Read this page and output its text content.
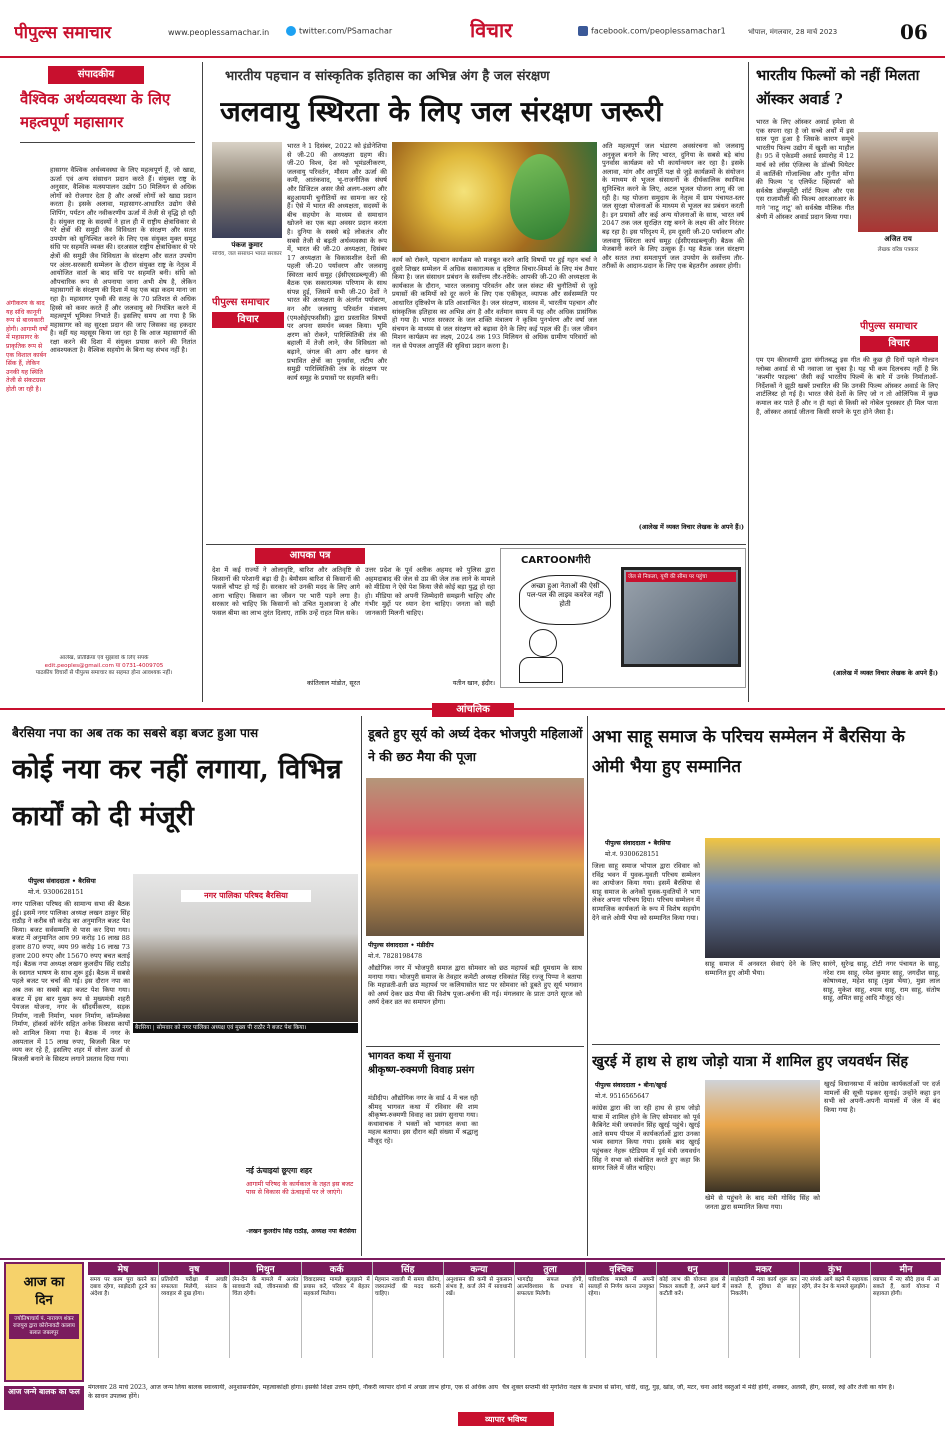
पीपुल्स समाचार	www.peoplessamachar.in	twitter.com/PSamachar	विचार	facebook.com/peoplessamachar1	भोपाल, मंगलवार, 28 मार्च 2023	06
संपादकीय
वैश्विक अर्थव्यवस्था के लिए महत्वपूर्ण महासागर
हासागर वैश्विक अर्थव्यवस्था के लिए महत्वपूर्ण हैं, जो खाद्य, ऊर्जा एवं अन्य संसाधन प्रदान करते हैं। संयुक्त राष्ट्र के अनुसार, वैश्विक मत्स्यपालन उद्योग 50 मिलियन से अधिक लोगों को रोजगार देता है और अरबों लोगों को खाद्य प्रदान करता है। इसके अलावा, महासागर-आधारित उद्योग जैसे शिपिंग, पर्यटन और नवीकरणीय ऊर्जा में तेजी से वृद्धि हो रही है। संयुक्त राष्ट्र के सदस्यों ने हाल ही में राष्ट्रीय क्षेत्राधिकार से परे क्षेत्रों की समुद्री जैव विविधता के संरक्षण और सतत उपयोग को सुनिश्चित करने के लिए एक संयुक्त मुक्त समुद्र संधि पर सहमति व्यक्त की। दरअसल राष्ट्रीय क्षेत्राधिकार से परे क्षेत्रों की समुद्री जैव विविधता के संरक्षण और सतत उपयोग पर अंतर-सरकारी सम्मेलन के दौरान संयुक्त राष्ट्र के नेतृत्व में आयोजित वार्ता के बाद संधि पर सहमति बनी। संधि को औपचारिक रूप से अपनाया जाना अभी शेष है, लेकिन महासागरों के संरक्षण की दिशा में यह एक बड़ा कदम माना जा रहा है। महासागर पृथ्वी की सतह के 70 प्रतिशत से अधिक हिस्से को कवर करते हैं और जलवायु को नियंत्रित करने में महत्वपूर्ण भूमिका निभाते हैं। इसलिए समय आ गया है कि महासागर को वह सुरक्षा प्रदान की जाए जिसका वह हकदार है। वहीं यह महसूस किया जा रहा है कि आज महासागरों की रक्षा करने की दिशा में संयुक्त प्रयास करने की नितांत आवश्यकता है। वैश्विक सहयोग के बिना यह संभव नहीं है।
अंगीकरण के बाद यह संधि कानूनी रूप से बाध्यकारी होगी। आगामी वर्षों में महासागर के प्राकृतिक रूप से एक विशाल कार्बन सिंक हैं, लेकिन उनकी यह स्थिति तेजी से संकटग्रस्त होती जा रही है।
आलेख, प्रतिक्रिया एवं सुझावों के लिए संपर्क
edit.peoples@gmail.com या 0731-4009705
पाठकीय विचारों से पीपुल्स समाचार का सहमत होना आवश्यक नहीं।
भारतीय पहचान व सांस्कृतिक इतिहास का अभिन्न अंग है जल संरक्षण
जलवायु स्थिरता के लिए जल संरक्षण जरूरी
पंकज कुमार
सचिव, जल संसाधन भारत सरकार
पीपुल्स समाचार
विचार
भारत ने 1 दिसंबर, 2022 को इंडोनेशिया से जी-20 की अध्यक्षता ग्रहण की। जी-20 विश्व, देश को भूमंडलीकरण, जलवायु परिवर्तन, मौसम और ऊर्जा की कमी, आतंकवाद, भू-राजनीतिक संघर्ष और डिजिटल असर जैसे अलग-अलग और बहुआयामी चुनौतियों का सामना कर रहे हैं। ऐसे में भारत की अध्यक्षता, सदस्यों के बीच सहयोग के माध्यम से समाधान खोजने का एक बड़ा अवसर प्रदान करता है। दुनिया के सबसे बड़े लोकतंत्र और सबसे तेजी से बढ़ती अर्थव्यवस्था के रूप में, भारत की जी-20 अध्यक्षता, दिसंबर 17 अध्यक्षता के विकासशील देशों की
पहली जी-20 पर्यावरण और जलवायु स्थिरता कार्य समूह (ईसीएसडब्ल्यूजी) की बैठक एक सकारात्मक परिणाम के साथ संपन्न हुई, जिसमें सभी जी-20 देशों ने भारत की अध्यक्षता के अंतर्गत पर्यावरण, वन और जलवायु परिवर्तन मंत्रालय (एमओईएफसीसी) द्वारा प्रस्तावित विषयों पर अपना समर्थन व्यक्त किया। भूमि क्षरण को रोकने, पारिस्थितिकी तंत्र की बहाली में तेजी लाने, जैव विविधता को बढ़ाने, जंगल की आग और खनन से प्रभावित क्षेत्रों का पुनर्वास, तटीय और समुद्री पारिस्थितिकी तंत्र के संरक्षण पर कार्य समूह के प्रयासों पर सहमति बनी।
कार्य को रोकने, पहचान कार्यक्रम को मजबूत करने आदि विषयों पर हुई गहन चर्चा ने दूसरे शिखर सम्मेलन में अधिक सकारात्मक व दृष्टिगत विचार-विमर्श के लिए मंच तैयार किया है। जल संसाधन प्रबंधन के सर्वोत्तम तौर-तरीके: आपकी जी-20 की अध्यक्षता के कार्यकाल के दौरान, भारत जलवायु परिवर्तन और जल संकट की चुनौतियों से जुड़े प्रयासों की कमियों को दूर करने के लिए एक एकीकृत, व्यापक और सर्वसम्मति पर आधारित दृष्टिकोण के प्रति आशान्वित है। जल संरक्षण, वास्तव में, भारतीय पहचान और सांस्कृतिक इतिहास का अभिन्न अंग है और वर्तमान समय में यह और अधिक प्रासंगिक हो गया है। भारत सरकार के जल शक्ति मंत्रालय ने कृत्रिम पुनर्भरण और वर्षा जल संचयन के माध्यम से जल संरक्षण को बढ़ावा देने के लिए कई पहल की हैं। जल जीवन मिशन कार्यक्रम का लक्ष्य, 2024 तक 193 मिलियन से अधिक ग्रामीण परिवारों को नल से पेयजल आपूर्ति की सुविधा प्रदान करना है।
अति महत्वपूर्ण जल भंडारण अवसंरचना को जलवायु अनुकूल बनाने के लिए भारत, दुनिया के सबसे बड़े बांध पुनर्वास कार्यक्रम को भी कार्यान्वयन कर रहा है। इसके अलावा, मांग और आपूर्ति पक्ष से जुड़े कार्यक्रमों के संयोजन के माध्यम से भूजल संसाधनों के दीर्घकालिक स्थायित्व सुनिश्चित करने के लिए, अटल भूजल योजना लागू की जा रही है। यह योजना समुदाय के नेतृत्व में ग्राम पंचायत-स्तर जल सुरक्षा योजनाओं के माध्यम से भूजल का प्रबंधन करती है। इन प्रयासों और कई अन्य योजनाओं के साथ, भारत वर्ष 2047 तक जल सुरक्षित राष्ट्र बनने के लक्ष्य की ओर निरंतर बढ़ रहा है। इस परिदृश्य में, हम दूसरी जी-20 पर्यावरण और जलवायु स्थिरता कार्य समूह (ईसीएसडब्ल्यूजी) बैठक की मेजबानी करने के लिए उत्सुक हैं। यह बैठक जल संरक्षण और सतत तथा समतापूर्ण जल उपयोग के सर्वोत्तम तौर-तरीकों के आदान-प्रदान के लिए एक बेहतरीन अवसर होगी।
(आलेख में व्यक्त विचार लेखक के अपने हैं।)
भारतीय फिल्मों को नहीं मिलता ऑस्कर अवार्ड ?
भारत के लिए ऑस्कर अवार्ड हमेशा से एक सपना रहा है जो सच्चे अर्थों में इस साल पूरा हुआ है जिसके कारण समूचे भारतीय फिल्म उद्योग में खुशी का माहौल है। 95 वें एकेडमी अवार्ड समारोह में 12 मार्च को लॉस एंजिल्स के डॉल्बी थियेटर में कार्तिकी गोंजाल्विस और गुनीत मोंगा की फिल्म 'द एलिफेंट व्हिस्पर्स' को सर्वश्रेष्ठ डॉक्यूमेंट्री शॉर्ट फिल्म और एस एस राजामौली की फिल्म आरआरआर के गाने 'नाटू नाटू' को सर्वश्रेष्ठ मौलिक गीत श्रेणी में ऑस्कर अवार्ड प्रदान किया गया।
अजित राय
लेखक वरिष्ठ पत्रकार
पीपुल्स समाचार
विचार
एम एम कीरवाणी द्वारा संगीतबद्ध इस गीत की कुछ ही दिनों पहले गोल्डन ग्लोब्स अवार्ड से भी नवाजा जा चुका है। यह भी कम दिलचस्प नहीं है कि 'कश्मीर फाइल्स' जैसी कई भारतीय फिल्में के बारे में उनके निर्माताओं-निर्देशकों ने झूठी खबरें प्रचारित की कि उनकी फिल्म ऑस्कर अवार्ड के लिए शार्टलिस्ट हो गई है। भारत जैसे देशों के लिए जो न तो ओलिंपिक में कुछ कमाल कर पाते हैं और न ही यहां से किसी को नोबेल पुरस्कार ही मिल पाता है, ऑस्कर अवार्ड जीतना किसी सपने के पूरा होने जैसा है।
(आलेख में व्यक्त विचार लेखक के अपने हैं।)
आपका पत्र
देश में कई राज्यों ने ओलावृष्टि, बारिश और अतिवृष्टि से किसानों की परेशानी बढ़ा दी है। बेमौसम बारिश से किसानों की फसलें चौपट हो गई हैं। सरकार को उनकी मदद के लिए आगे आना चाहिए। किसान का जीवन पर भारी पड़ने लगा है। सरकार को चाहिए कि किसानों को उचित मुआवजा दे और फसल बीमा का लाभ तुरंत दिलाए, ताकि उन्हें राहत मिल सके।
कांतिलाल मांडोत, सूरत
उत्तर प्रदेश के पूर्व अतीक अहमद को पुलिस द्वारा अहमदाबाद की जेल से उप्र की जेल तक लाने के मामले को मीडिया ने ऐसे पेश किया जैसे कोई बड़ा युद्ध हो रहा हो। मीडिया को अपनी जिम्मेदारी समझनी चाहिए और गंभीर मुद्दों पर ध्यान देना चाहिए। जनता को सही जानकारी मिलनी चाहिए।
यतीन खान, इंदौर।
CARTOONगीरी
अच्छा हुआ नेताओं की ऐसी पल-पल की लाइव कवरेज नहीं होती
जेल से निकला, यूपी की सीमा पर पहुंचा
आंचलिक
बैरसिया नपा का अब तक का सबसे बड़ा बजट हुआ पास
कोई नया कर नहीं लगाया, विभिन्न कार्यों को दी मंजूरी
पीपुल्स संवाददाता • बैरसिया
मो.नं. 9300628151	नगर पालिका परिषद बैरसिया
बैरसिया | सोमवार को नगर पालिका अध्यक्ष एवं मुख्य पी राठौर ने बजट पेश किया।
नगर पालिका परिषद की सामान्य सभा की बैठक हुई। इसमें नगर पालिका अध्यक्ष लखन ठाकुर सिंह राठौड़ ने करीब सौ करोड़ का अनुमानित बजट पेश किया। बजट सर्वसम्मति से पास कर दिया गया। बजट में अनुमानित आय 99 करोड़ 16 लाख 88 हजार 870 रुपए, व्यय 99 करोड़ 16 लाख 73 हजार 200 रुपए और 15670 रुपए बचत बताई गई। बैठक नपा अध्यक्ष लखन कुलदीप सिंह राठौड़ के स्वागत भाषण के साथ शुरू हुई। बैठक में सबसे पहले बजट पर चर्चा की गई। इस दौरान नपा का अब तक का सबसे बड़ा बजट पेश किया गया। बजट में इस बार मुख्य रूप से मुख्यमंत्री शहरी पेयजल योजना, नगर के सौंदर्यीकरण, सड़क निर्माण, नाली निर्माण, भवन निर्माण, कॉम्प्लेक्स निर्माण, हॉकर्स कॉर्नर सहित अनेक विकास कार्यों को शामिल किया गया है। बैठक में नगर के अस्पताल में 15 लाख रुपए, बिजली बिल पर व्यय कर रहे हैं, इसलिए शहर में सोलर ऊर्जा से बिजली बनाने के सिस्टम लगाने प्रस्ताव दिया गया।
नई ऊंचाइयां छूएगा शहर
आगामी परिषद के कार्यकाल के तहत इस बजट पास से विकास की ऊंचाइयों पर ले जाएंगे।
-लखन कुलदीप सिंह राठौड़, अध्यक्ष नपा बैरसिया
डूबते हुए सूर्य को अर्घ्य देकर भोजपुरी महिलाओं ने की छठ मैया की पूजा
पीपुल्स संवाददाता • मंडीदीप
मो.नं. 7828198478
औद्योगिक नगर में भोजपुरी समाज द्वारा सोमवार को छठ महापर्व बड़ी धूमधाम के साथ मनाया गया। भोजपुरी समाज के तेवहार कमेटी अध्यक्ष रविकांत सिंह रज्जू पिप्पा ने बताया कि महाव्रती-व्रती छठ महापर्व पर कलियासोत घाट पर सोमवार को डूबते हुए सूर्य भगवान को अर्घ्य देकर छठ मैया की विशेष पूजा-अर्चना की गई। मंगलवार के प्रातः उगते सूरज को अर्घ्य देकर व्रत का समापन होगा।
भागवत कथा में सुनाया श्रीकृष्ण-रुक्मणी विवाह प्रसंग
मंडीदीप। औद्योगिक नगर के वार्ड 4 में चल रही श्रीमद् भागवत कथा में रविवार की शाम श्रीकृष्ण-रुक्मणी विवाह का प्रसंग सुनाया गया। कथावाचक ने भक्तों को भागवत कथा का महत्व बताया। इस दौरान बड़ी संख्या में श्रद्धालु मौजूद रहे।
अभा साहू समाज के परिचय सम्मेलन में बैरसिया के ओमी भैया हुए सम्मानित
पीपुल्स संवाददाता • बैरसिया
मो.नं. 9300628151
जिला साहू समाज भोपाल द्वारा रविवार को रविंद्र भवन में युवक-युवती परिचय सम्मेलन का आयोजन किया गया। इसमें बैरसिया से साहू समाज के अनेकों युवक-युवतियों ने भाग लेकर अपना परिचय दिया। परिचय सम्मेलन में सामाजिक कार्यकर्ता के रूप में विशेष सहयोग देने वाले ओमी भैया को सम्मानित किया गया।
साहू समाज में अनवरत सेवाएं देने के लिए सम्मानित हुए ओमी भैया।
सारंगे, सुरेन्द्र साहू, टोटी नगर पंचायत के साहू, नरेश राम साहू, रमेश कुमार साहू, जगदीश साहू, कोषाध्यक्ष, महेश साहू (मुन्ना भैया), मुन्ना लाल साहू, मुकेश साहू, श्याम साहू, राम साहू, संतोष साहू, अमित साहू आदि मौजूद रहे।
खुरई में हाथ से हाथ जोड़ो यात्रा में शामिल हुए जयवर्धन सिंह
पीपुल्स संवाददाता • बीना/खुरई
मो.नं. 9516565647
कांग्रेस द्वारा की जा रही हाथ से हाथ जोड़ो यात्रा में शामिल होने के लिए सोमवार को पूर्व कैबिनेट मंत्री जयवर्धन सिंह खुरई पहुंचे। खुरई आते समय पीपल में कार्यकर्ताओं द्वारा उनका भव्य स्वागत किया गया। इसके बाद खुरई पहुंचकर नेहरू स्टेडियम में पूर्व मंत्री जयवर्धन सिंह ने सभा को संबोधित करते हुए कहा कि सागर जिले में जीत चाहिए।
खेमे से पहुंचने के बाद मंत्री गोविंद सिंह को जनता द्वारा सम्मानित किया गया।
खुरई विधानसभा में कांग्रेस कार्यकर्ताओं पर दर्ज मामलों की सूची पढ़कर सुनाई। उन्होंने कहा इन सभी को अपनी-अपनी मामलों में जेल में बंद किया गया है।
आज का
दिन
ज्योतिषाचार्य पं. नारायण शंकर राजपुरा द्वारा कोरोनावटी कालाय बलात जबलपुर
मेष
समय पर काम पूरा करने का दबाव रहेगा, साझेदारी टूटने का अंदेशा है।
वृष
प्रतियोगी परीक्षा में अच्छी सफलता मिलेगी, संतान के व्यवहार से दुख होगा।
मिथुन
लेन-देन के मामले में अत्यंत सावधानी रखें, जीवनसाथी की चिंता रहेगी।
कर्क
विवादास्पद मामले सुलझाने में प्रयास करें, परिवार में बेहतर सहकार्य मिलेगा।
सिंह
मेहमान नवाजी में समय बीतेगा, जरुरतमंदों की मदद करनी चाहिए।
कन्या
अनुशासन की कमी से नुकसान संभव है, कर्ज लेने में सावधानी रखें।
तुला
भागदौड़ सफल होगी, आत्मविश्वास के प्रभाव से सफलता मिलेगी।
वृश्चिक
पारिवारिक मामले में अपनी सलाहों से निर्णय करना उपयुक्त रहेगा।
धनु
कोई लाभ की योजना हाथ से निकल सकती है, अपने खर्च में कटौती करें।
मकर
साझेदारी में नया कार्य शुरू कर सकते हैं, दुविधा से बाहर निकलेंगे।
कुंभ
नए संपर्क आगे बढ़ने में सहायक रहेंगे, लेन देन के मामले सुलझेंगे।
मीन
व्यापार में नए सौदे हाथ में आ सकते हैं, कार्य योजना में सहायता होगी।
आज जन्मे बालक का फल	मंगलवार 28 मार्च 2023, आज जन्म लिया बालक स्वाध्यायी, अनुशासनप्रिय, महत्वाकांक्षी होगा। इसकी शिक्षा उत्तम रहेगी, नौकरी व्यापार दोनों में अच्छा लाभ होगा, एक से अधिक आय के साधन उपलब्ध होंगे।
व्यापार भविष्य
चैत्र शुक्ल सप्तमी की मृगशिरा नक्षत्र के प्रभाव से सोना, चांदी, धातु, गुड़, खांड, जौ, मटर, चना आदि वस्तुओं में मंदी होगी, शक्कर, अलसी, हींग, सरसों, रुई और तेजी का योग है।
